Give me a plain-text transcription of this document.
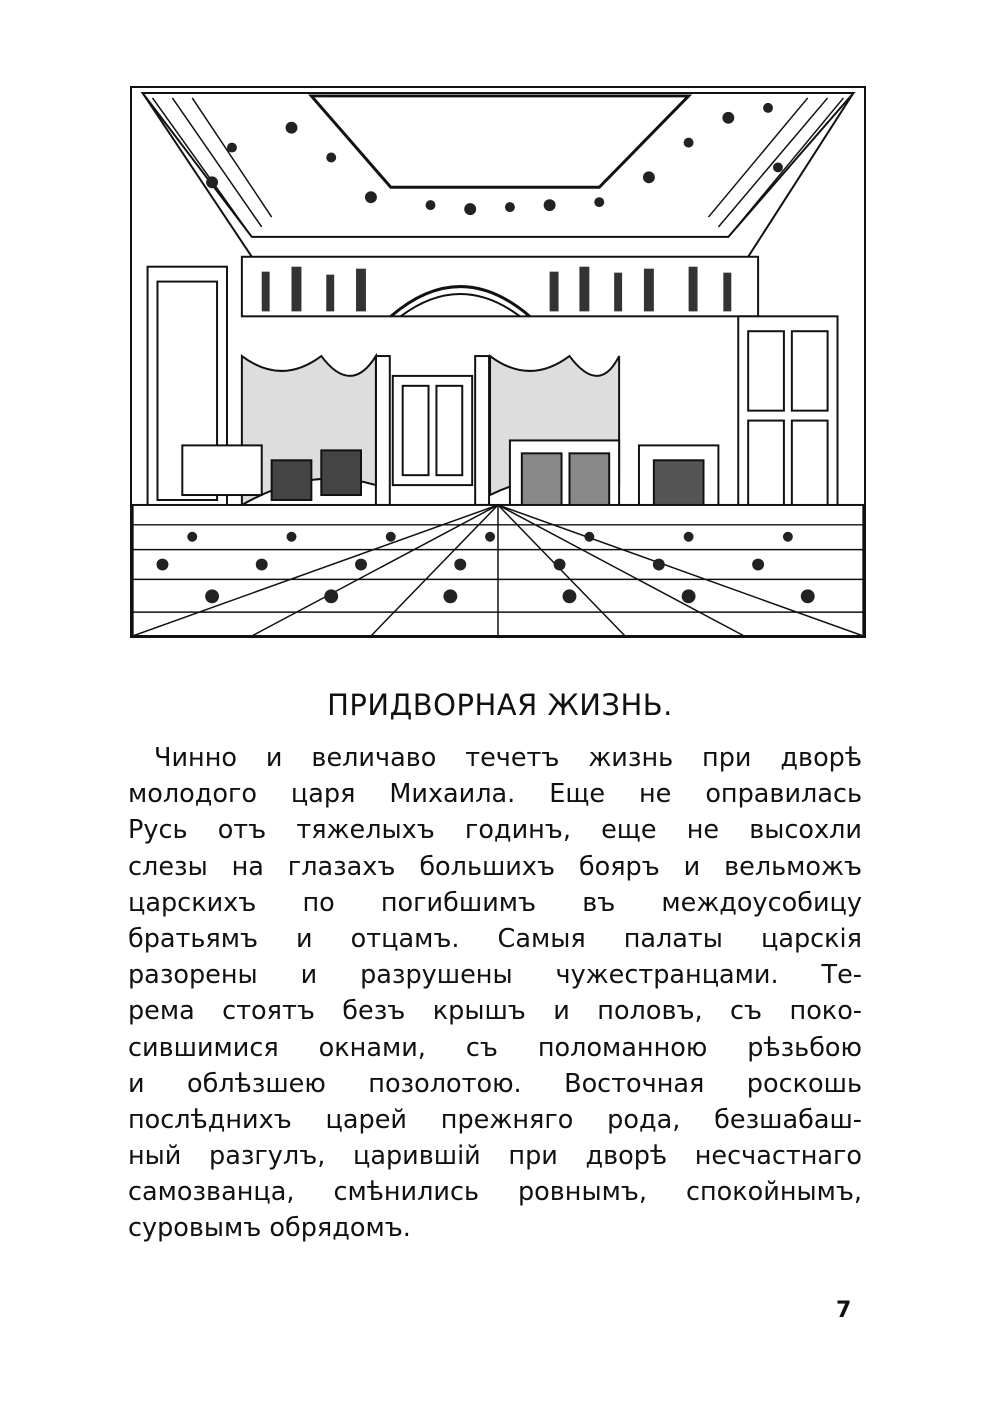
ПРИДВОРНАЯ ЖИЗНЬ.
Чинно и величаво течетъ жизнь при дворѣ
молодого царя Михаила. Еще не оправилась
Русь отъ тяжелыхъ годинъ, еще не высохли
слезы на глазахъ большихъ бояръ и вельможъ
царскихъ по погибшимъ въ междоусобицу
братьямъ и отцамъ. Самыя палаты царскія
разорены и разрушены чужестранцами. Те-
рема стоятъ безъ крышъ и половъ, съ поко-
сившимися окнами, съ поломанною рѣзьбою
и облѣзшею позолотою. Восточная роскошь
послѣднихъ царей прежняго рода, безшабаш-
ный разгулъ, царившій при дворѣ несчастнаго
самозванца, смѣнились ровнымъ, спокойнымъ,
суровымъ обрядомъ.
7
